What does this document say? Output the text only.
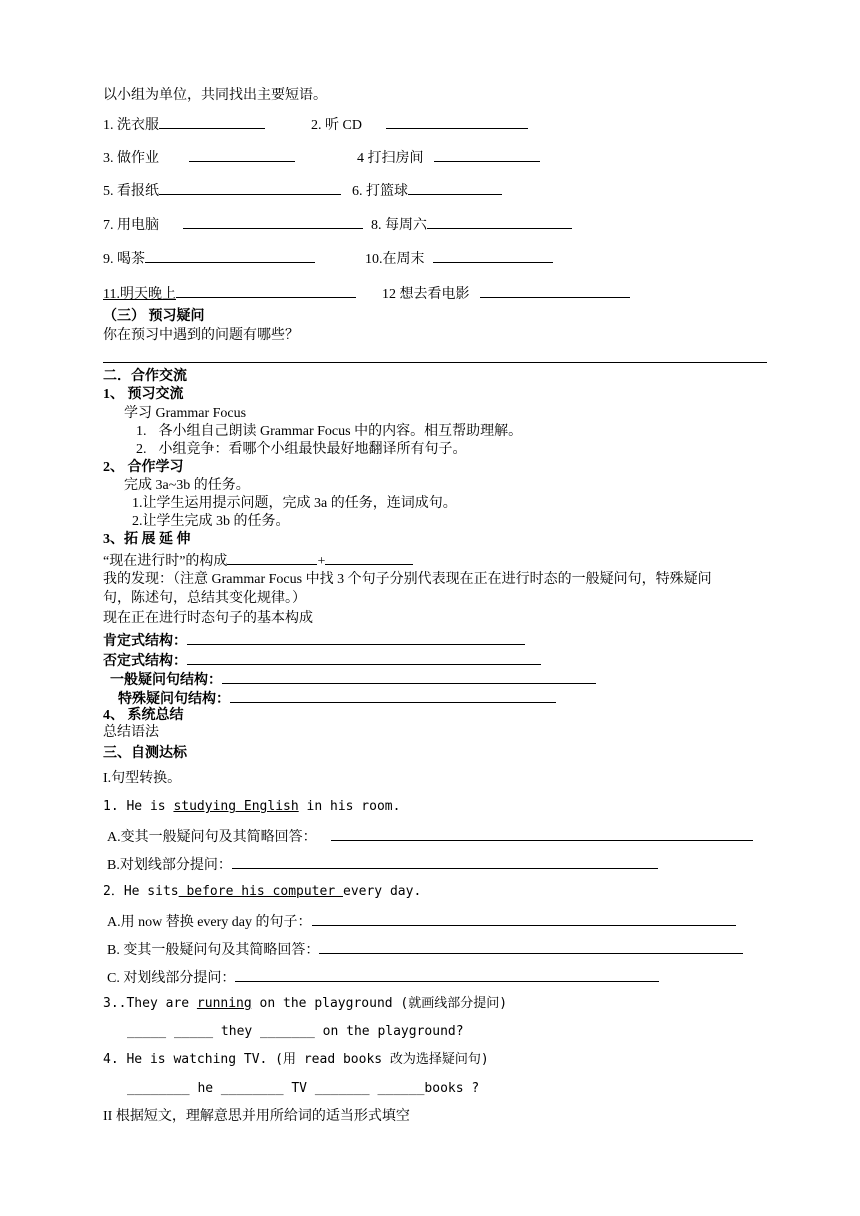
以小组为单位，共同找出主要短语。
1. 洗衣服	2. 听 CD
3. 做作业	4 打扫房间
5. 看报纸	6. 打篮球
7. 用电脑	8. 每周六
9. 喝茶	10.在周末
11.明天晚上	12 想去看电影
（三） 预习疑问
你在预习中遇到的问题有哪些？
二．合作交流
1、 预习交流
学习 Grammar Focus
1. 各小组自己朗读 Grammar Focus 中的内容。相互帮助理解。
2. 小组竞争：看哪个小组最快最好地翻译所有句子。
2、 合作学习
完成 3a~3b 的任务。
1.让学生运用提示问题，完成 3a 的任务，连词成句。
2.让学生完成 3b 的任务。
3、拓 展 延 伸
“现在进行时”的构成	+
我的发现：（注意 Grammar Focus 中找 3 个句子分别代表现在正在进行时态的一般疑问句，特殊疑问
句，陈述句，总结其变化规律。）
现在正在进行时态句子的基本构成
肯定式结构：
否定式结构：
一般疑问句结构：
特殊疑问句结构：
4、 系统总结
总结语法
三、自测达标
I.句型转换。
1. He is studying English in his room.
A.变其一般疑问句及其简略回答：
B.对划线部分提问：
2．He sits before his computer every day.
A.用 now 替换 every day 的句子：
B. 变其一般疑问句及其简略回答：
C. 对划线部分提问：
3..They are running on the playground (就画线部分提问)
_____ _____ they _______ on the playground?
4. He is watching TV. (用 read books 改为选择疑问句)
________ he ________ TV _______ ______books ?
II 根据短文，理解意思并用所给词的适当形式填空
